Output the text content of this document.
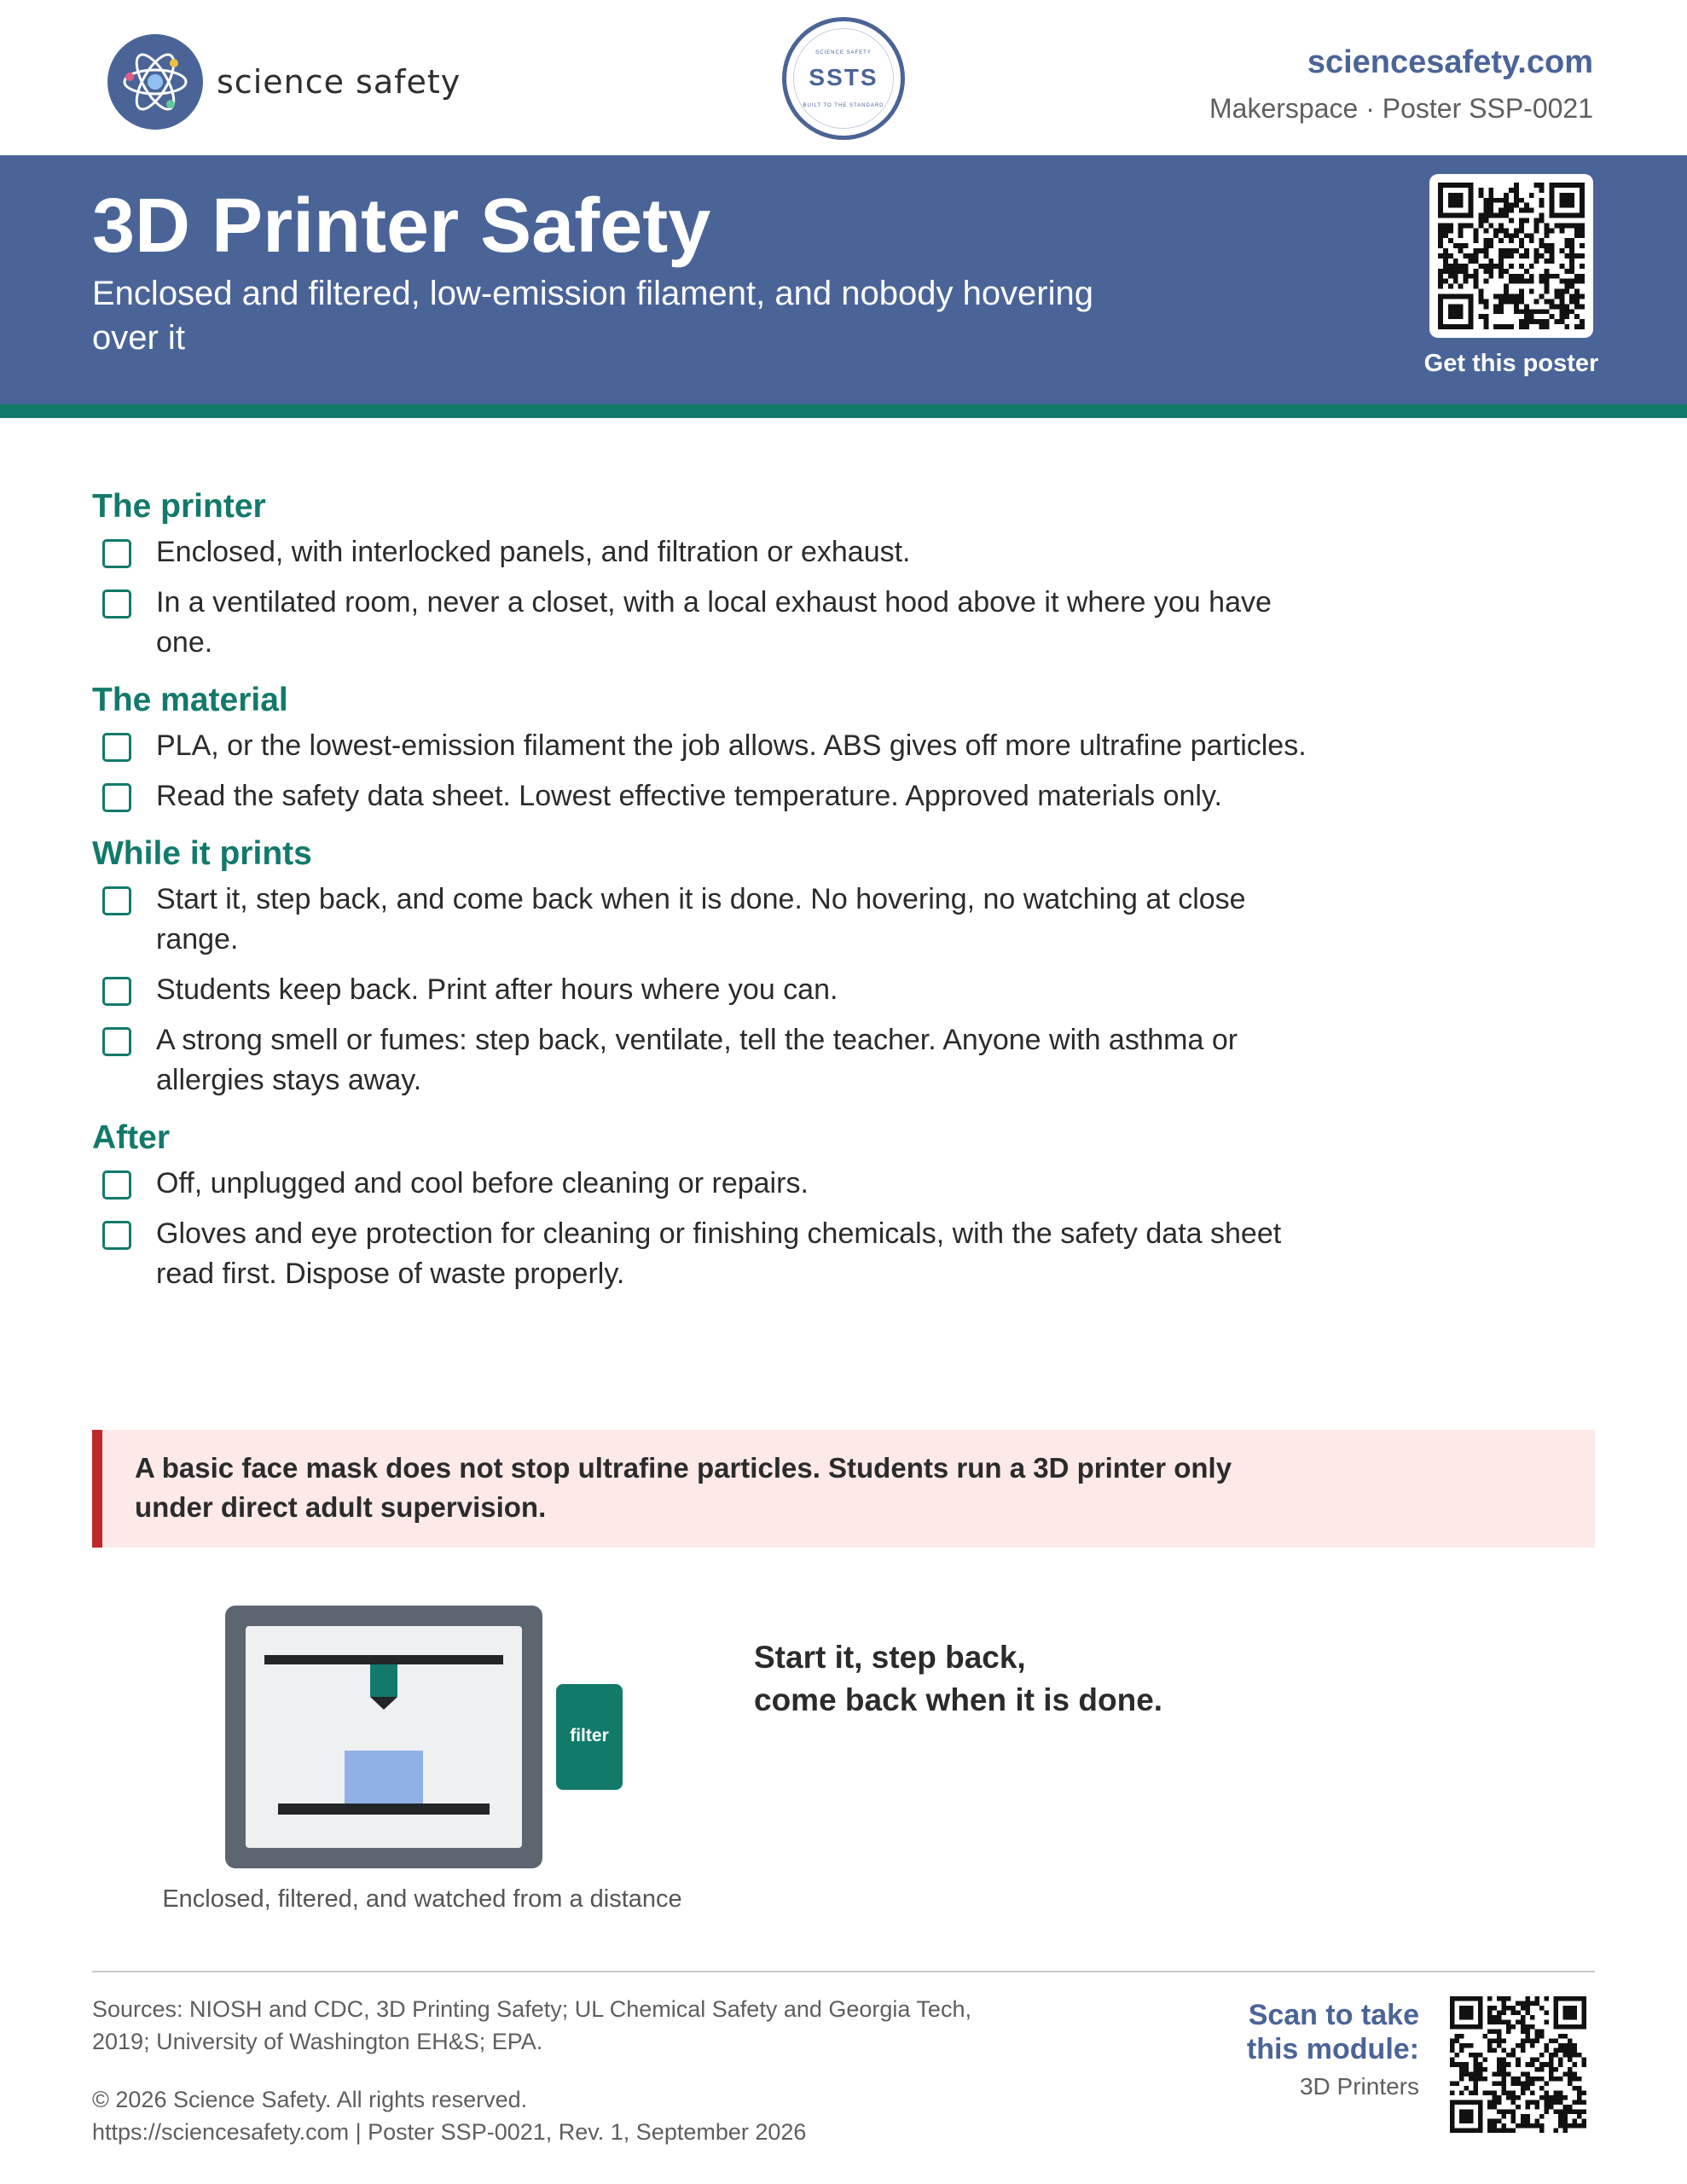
science safety
SCIENCE SAFETY
SSTS
BUILT TO THE STANDARD
sciencesafety.com
Makerspace · Poster SSP-0021
3D Printer Safety

Enclosed and filtered, low-emission filament, and nobody hovering over it

Get this poster
The printer
Enclosed, with interlocked panels, and filtration or exhaust.
In a ventilated room, never a closet, with a local exhaust hood above it where you have one.
The material
PLA, or the lowest-emission filament the job allows. ABS gives off more ultrafine particles.
Read the safety data sheet. Lowest effective temperature. Approved materials only.
While it prints
Start it, step back, and come back when it is done. No hovering, no watching at close range.
Students keep back. Print after hours where you can.
A strong smell or fumes: step back, ventilate, tell the teacher. Anyone with asthma or allergies stays away.
After
Off, unplugged and cool before cleaning or repairs.
Gloves and eye protection for cleaning or finishing chemicals, with the safety data sheet read first. Dispose of waste properly.

A basic face mask does not stop ultrafine particles. Students run a 3D printer only under direct adult supervision.

filter
Enclosed, filtered, and watched from a distance
Start it, step back,
come back when it is done.

Sources: NIOSH and CDC, 3D Printing Safety; UL Chemical Safety and Georgia Tech, 2019; University of Washington EH&S; EPA.

© 2026 Science Safety. All rights reserved.
https://sciencesafety.com | Poster SSP-0021, Rev. 1, September 2026
Scan to take this module:
3D Printers
